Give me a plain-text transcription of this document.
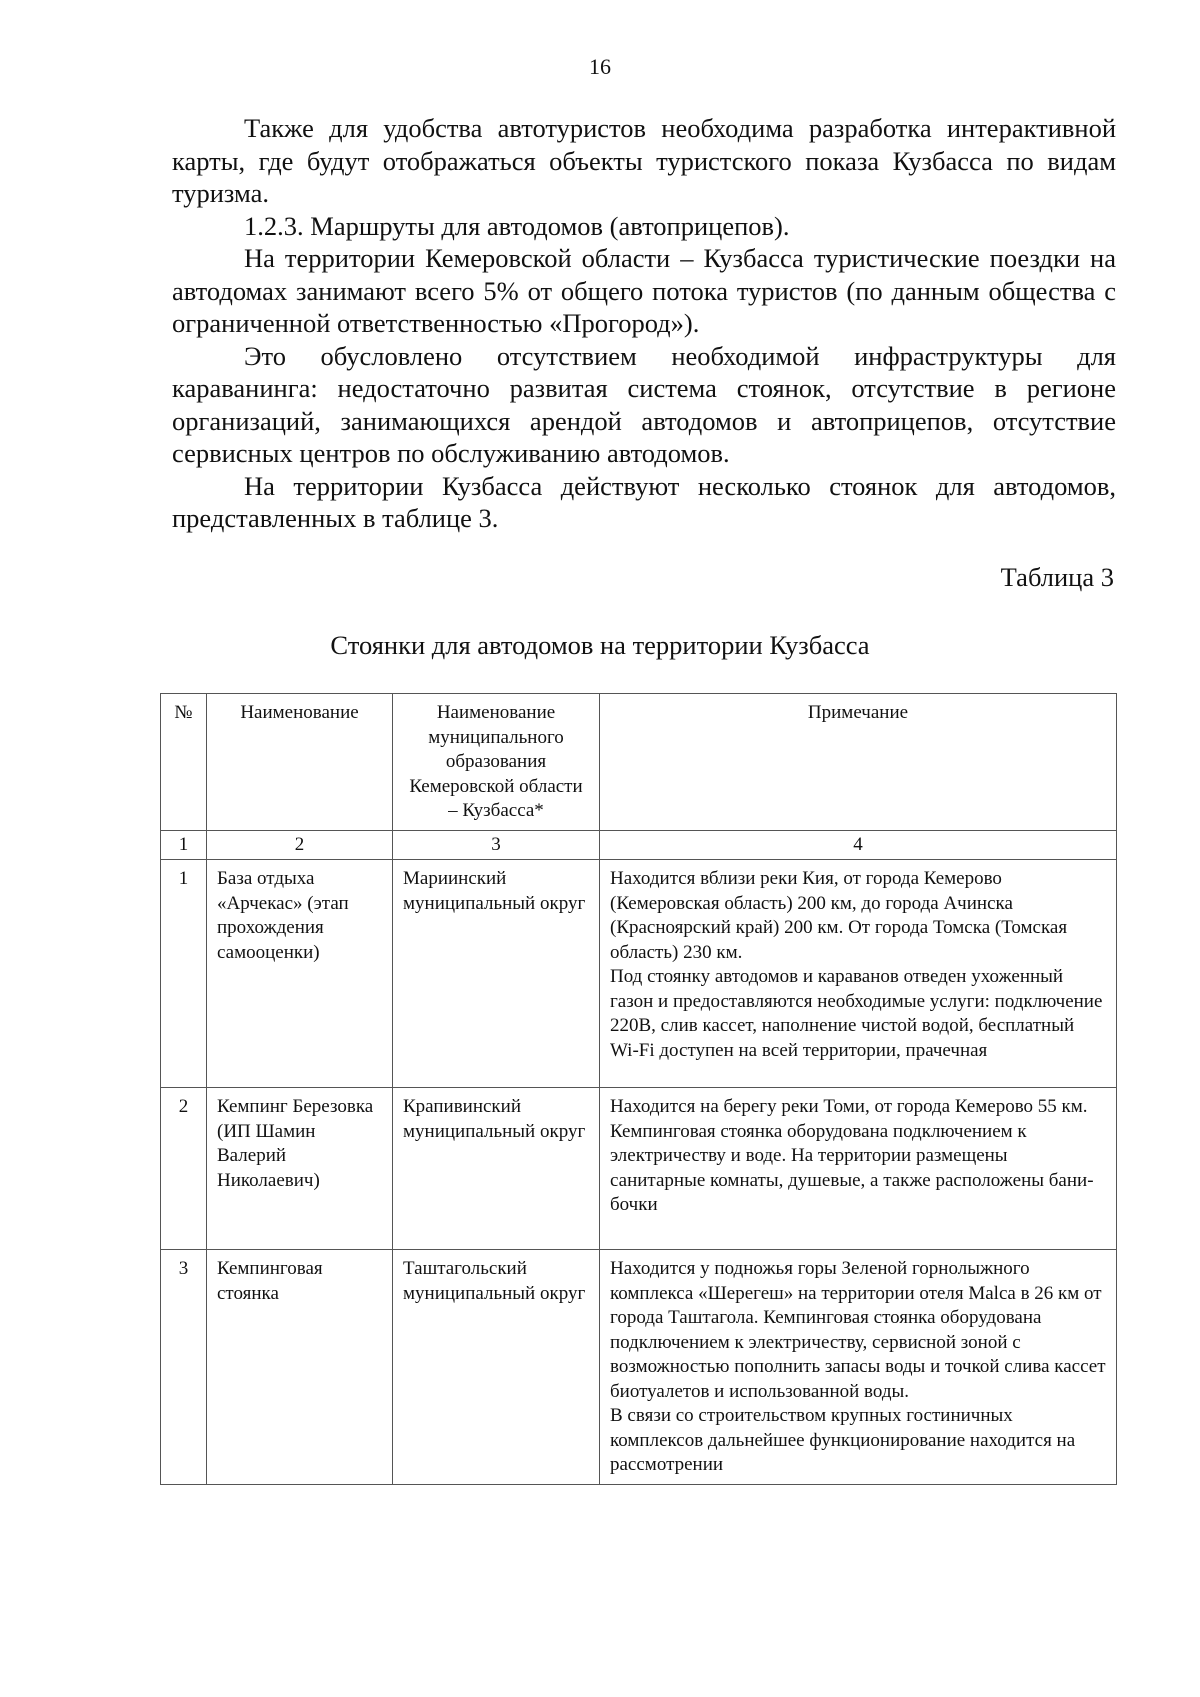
16

Также для удобства автотуристов необходима разработка интерактивной карты, где будут отображаться объекты туристского показа Кузбасса по видам туризма.

1.2.3. Маршруты для автодомов (автоприцепов).

На территории Кемеровской области – Кузбасса туристические поездки на автодомах занимают всего 5% от общего потока туристов (по данным общества с ограниченной ответственностью «Прогород»).

Это обусловлено отсутствием необходимой инфраструктуры для караванинга: недостаточно развитая система стоянок, отсутствие в регионе организаций, занимающихся арендой автодомов и автоприцепов, отсутствие сервисных центров по обслуживанию автодомов.

На территории Кузбасса действуют несколько стоянок для автодомов, представленных в таблице 3.

Таблица 3
Стоянки для автодомов на территории Кузбасса
№	Наименование	Наименование муниципального образования Кемеровской области – Кузбасса*	Примечание
1	2	3	4
1	База отдыха «Арчекас» (этап прохождения самооценки)	Мариинский муниципальный округ	Находится вблизи реки Кия, от города Кемерово (Кемеровская область) 200 км, до города Ачинска (Красноярский край) 200 км. От города Томска (Томская область) 230 км.
Под стоянку автодомов и караванов отведен ухоженный газон и предоставляются необходимые услуги: подключение 220В, слив кассет, наполнение чистой водой, бесплатный Wi-Fi доступен на всей территории, прачечная

2	Кемпинг Березовка (ИП Шамин Валерий Николаевич)	Крапивинский муниципальный округ	Находится на берегу реки Томи, от города Кемерово 55 км.
Кемпинговая стоянка оборудована подключением к электричеству и воде. На территории размещены санитарные комнаты, душевые, а также расположены бани-бочки

3	Кемпинговая стоянка	Таштагольский муниципальный округ	Находится у подножья горы Зеленой горнолыжного комплекса «Шерегеш» на территории отеля Malca в 26 км от города Таштагола. Кемпинговая стоянка оборудована подключением к электричеству, сервисной зоной с возможностью пополнить запасы воды и точкой слива кассет биотуалетов и использованной воды.
В связи со строительством крупных гостиничных комплексов дальнейшее функционирование находится на рассмотрении
